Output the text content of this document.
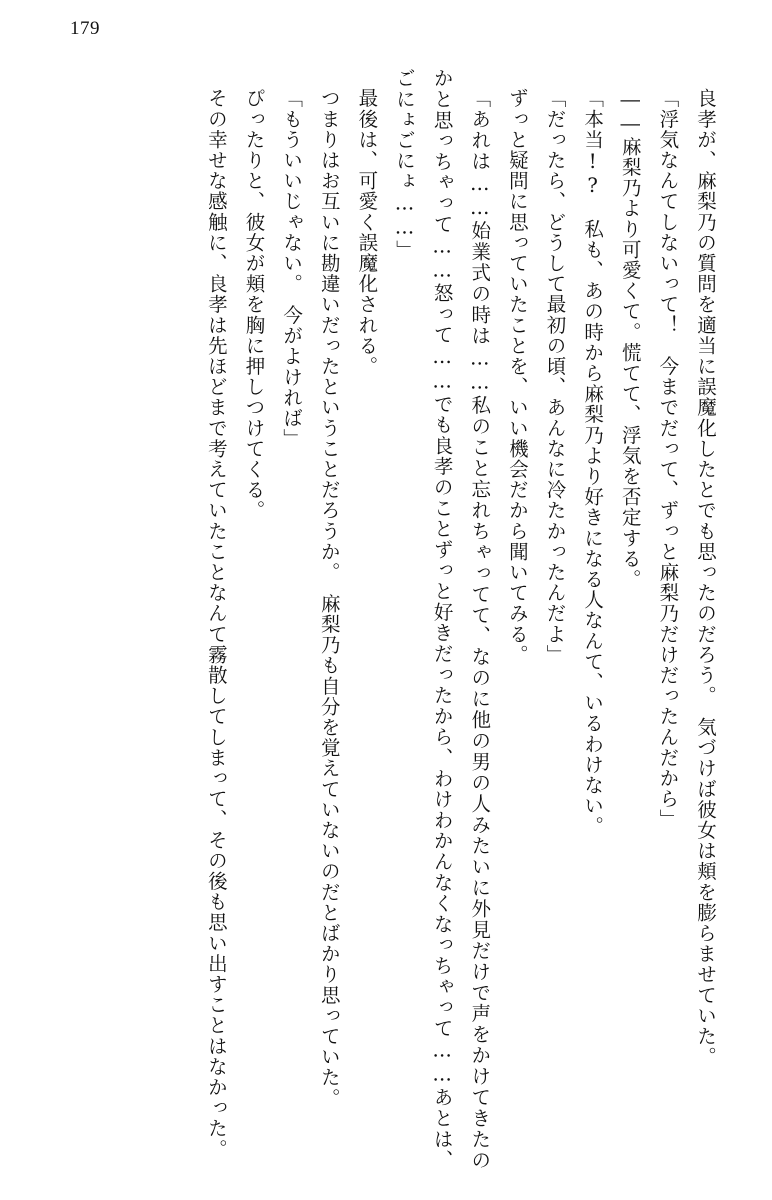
179

良孝が、麻梨乃の質問を適当に誤魔化したとでも思ったのだろう。　気づけば彼女は頬を膨らませていた。

「浮気なんてしないって！　今までだって、ずっと麻梨乃だけだったんだから」

――麻梨乃より可愛くて。慌てて、浮気を否定する。

「本当!?　私も、あの時から麻梨乃より好きになる人なんて、いるわけない。

「だったら、どうして最初の頃、あんなに冷たかったんだよ」

ずっと疑問に思っていたことを、いい機会だから聞いてみる。

「あれは……始業式の時は……私のこと忘れちゃってて、なのに他の男の人みたいに外見だけで声をかけてきたのかと思っちゃって……怒って……でも良孝のことずっと好きだったから、わけわかんなくなっちゃって……あとは、ごにょごにょ……」

最後は、可愛く誤魔化される。

つまりはお互いに勘違いだったということだろうか。　麻梨乃も自分を覚えていないのだとばかり思っていた。

「もういいじゃない。　今がよければ」

ぴったりと、彼女が頬を胸に押しつけてくる。

その幸せな感触に、良孝は先ほどまで考えていたことなんて霧散してしまって、その後も思い出すことはなかった。
